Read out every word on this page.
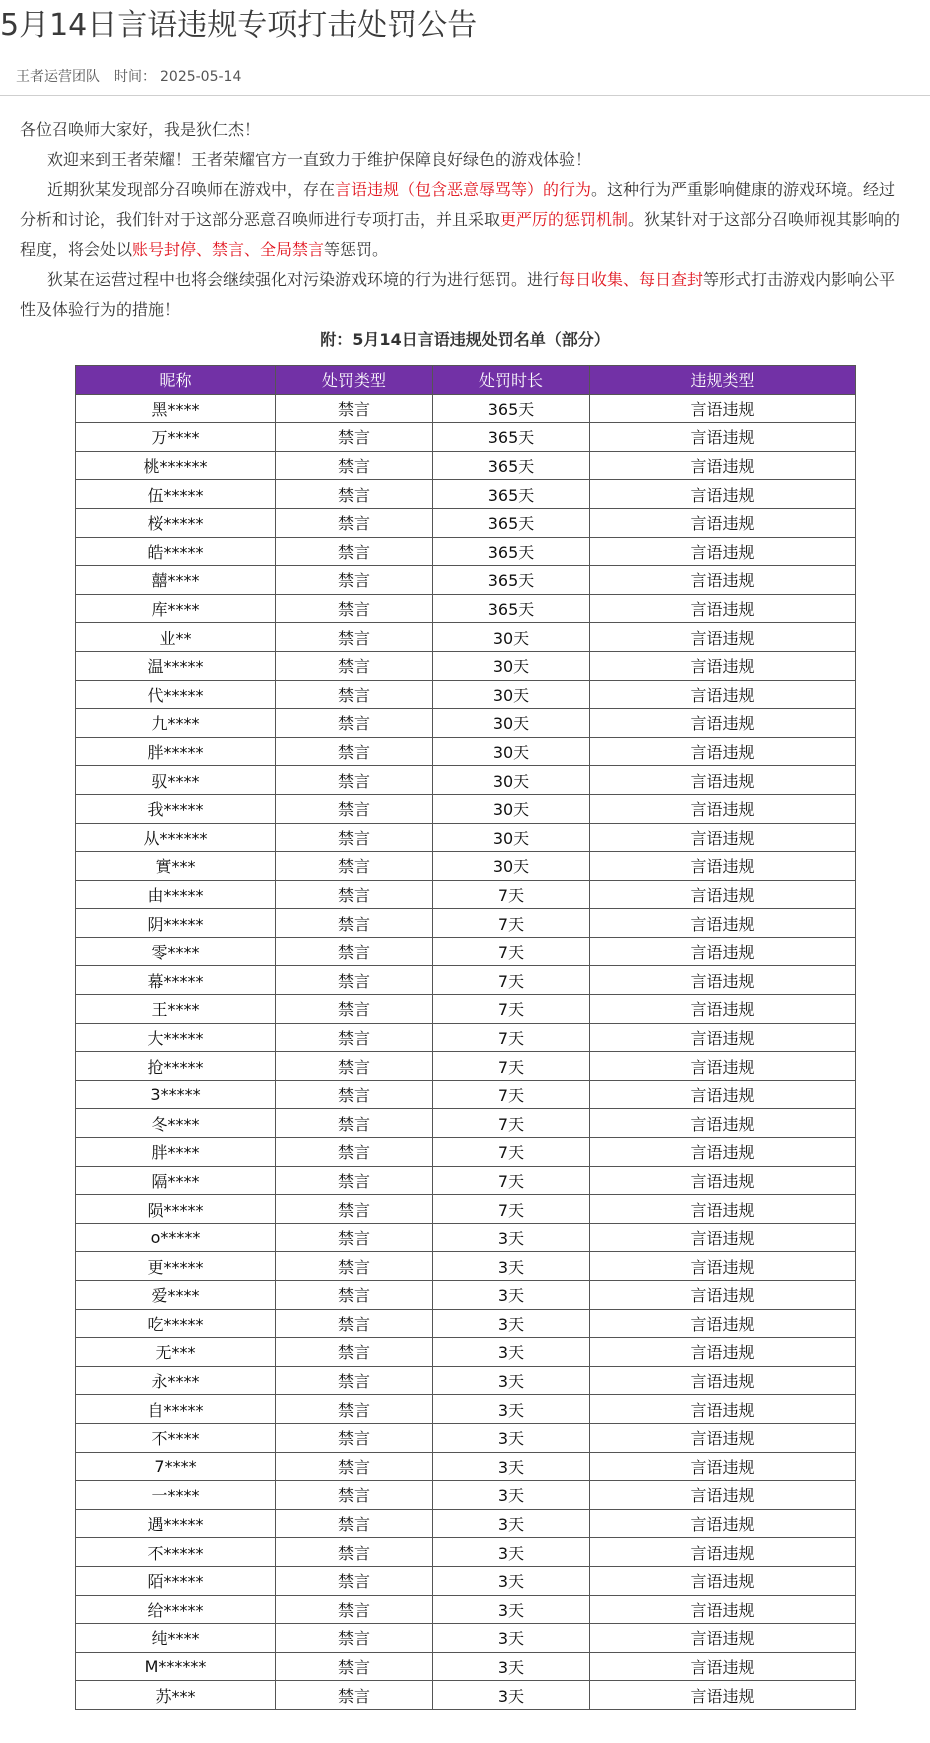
5月14日言语违规专项打击处罚公告
王者运营团队 时间： 2025-05-14

各位召唤师大家好，我是狄仁杰！

欢迎来到王者荣耀！王者荣耀官方一直致力于维护保障良好绿色的游戏体验！

近期狄某发现部分召唤师在游戏中，存在言语违规（包含恶意辱骂等）的行为。这种行为严重影响健康的游戏环境。经过分析和讨论，我们针对于这部分恶意召唤师进行专项打击，并且采取更严厉的惩罚机制。狄某针对于这部分召唤师视其影响的程度，将会处以账号封停、禁言、全局禁言等惩罚。

狄某在运营过程中也将会继续强化对污染游戏环境的行为进行惩罚。进行每日收集、每日查封等形式打击游戏内影响公平性及体验行为的措施！

附：5月14日言语违规处罚名单（部分）
昵称	处罚类型	处罚时长	违规类型
黑****	禁言	365天	言语违规
万****	禁言	365天	言语违规
桃******	禁言	365天	言语违规
伍*****	禁言	365天	言语违规
桜*****	禁言	365天	言语违规
皓*****	禁言	365天	言语违规
囍****	禁言	365天	言语违规
库****	禁言	365天	言语违规
业**	禁言	30天	言语违规
温*****	禁言	30天	言语违规
代*****	禁言	30天	言语违规
九****	禁言	30天	言语违规
胖*****	禁言	30天	言语违规
驭****	禁言	30天	言语违规
我*****	禁言	30天	言语违规
从******	禁言	30天	言语违规
實***	禁言	30天	言语违规
由*****	禁言	7天	言语违规
阴*****	禁言	7天	言语违规
零****	禁言	7天	言语违规
幕*****	禁言	7天	言语违规
王****	禁言	7天	言语违规
大*****	禁言	7天	言语违规
抢*****	禁言	7天	言语违规
3*****	禁言	7天	言语违规
冬****	禁言	7天	言语违规
胖****	禁言	7天	言语违规
隔****	禁言	7天	言语违规
陨*****	禁言	7天	言语违规
o*****	禁言	3天	言语违规
更*****	禁言	3天	言语违规
爱****	禁言	3天	言语违规
吃*****	禁言	3天	言语违规
无***	禁言	3天	言语违规
永****	禁言	3天	言语违规
自*****	禁言	3天	言语违规
不****	禁言	3天	言语违规
7****	禁言	3天	言语违规
一****	禁言	3天	言语违规
遇*****	禁言	3天	言语违规
不*****	禁言	3天	言语违规
陌*****	禁言	3天	言语违规
给*****	禁言	3天	言语违规
纯****	禁言	3天	言语违规
M******	禁言	3天	言语违规
苏***	禁言	3天	言语违规
